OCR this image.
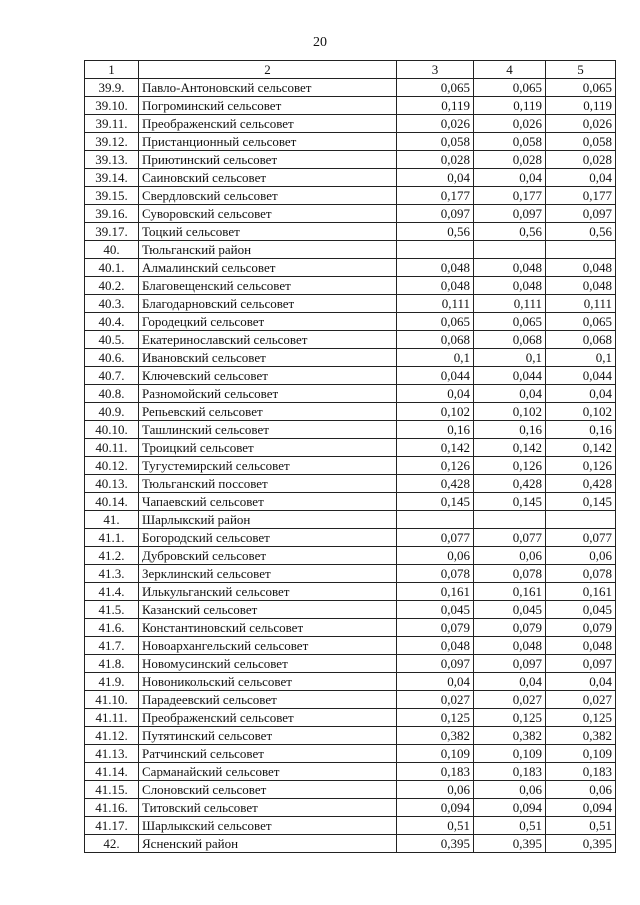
20
1	2	3	4	5
39.9.	Павло-Антоновский сельсовет	0,065	0,065	0,065
39.10.	Погроминский сельсовет	0,119	0,119	0,119
39.11.	Преображенский сельсовет	0,026	0,026	0,026
39.12.	Пристанционный сельсовет	0,058	0,058	0,058
39.13.	Приютинский сельсовет	0,028	0,028	0,028
39.14.	Саиновский сельсовет	0,04	0,04	0,04
39.15.	Свердловский сельсовет	0,177	0,177	0,177
39.16.	Суворовский сельсовет	0,097	0,097	0,097
39.17.	Тоцкий сельсовет	0,56	0,56	0,56
40.	Тюльганский район			
40.1.	Алмалинский сельсовет	0,048	0,048	0,048
40.2.	Благовещенский сельсовет	0,048	0,048	0,048
40.3.	Благодарновский сельсовет	0,111	0,111	0,111
40.4.	Городецкий сельсовет	0,065	0,065	0,065
40.5.	Екатеринославский сельсовет	0,068	0,068	0,068
40.6.	Ивановский сельсовет	0,1	0,1	0,1
40.7.	Ключевский сельсовет	0,044	0,044	0,044
40.8.	Разномойский сельсовет	0,04	0,04	0,04
40.9.	Репьевский сельсовет	0,102	0,102	0,102
40.10.	Ташлинский сельсовет	0,16	0,16	0,16
40.11.	Троицкий сельсовет	0,142	0,142	0,142
40.12.	Тугустемирский сельсовет	0,126	0,126	0,126
40.13.	Тюльганский поссовет	0,428	0,428	0,428
40.14.	Чапаевский сельсовет	0,145	0,145	0,145
41.	Шарлыкский район			
41.1.	Богородский сельсовет	0,077	0,077	0,077
41.2.	Дубровский сельсовет	0,06	0,06	0,06
41.3.	Зерклинский сельсовет	0,078	0,078	0,078
41.4.	Илькульганский сельсовет	0,161	0,161	0,161
41.5.	Казанский сельсовет	0,045	0,045	0,045
41.6.	Константиновский сельсовет	0,079	0,079	0,079
41.7.	Новоархангельский сельсовет	0,048	0,048	0,048
41.8.	Новомусинский сельсовет	0,097	0,097	0,097
41.9.	Новоникольский сельсовет	0,04	0,04	0,04
41.10.	Парадеевский сельсовет	0,027	0,027	0,027
41.11.	Преображенский сельсовет	0,125	0,125	0,125
41.12.	Путятинский сельсовет	0,382	0,382	0,382
41.13.	Ратчинский сельсовет	0,109	0,109	0,109
41.14.	Сарманайский сельсовет	0,183	0,183	0,183
41.15.	Слоновский сельсовет	0,06	0,06	0,06
41.16.	Титовский сельсовет	0,094	0,094	0,094
41.17.	Шарлыкский сельсовет	0,51	0,51	0,51
42.	Ясненский район	0,395	0,395	0,395
